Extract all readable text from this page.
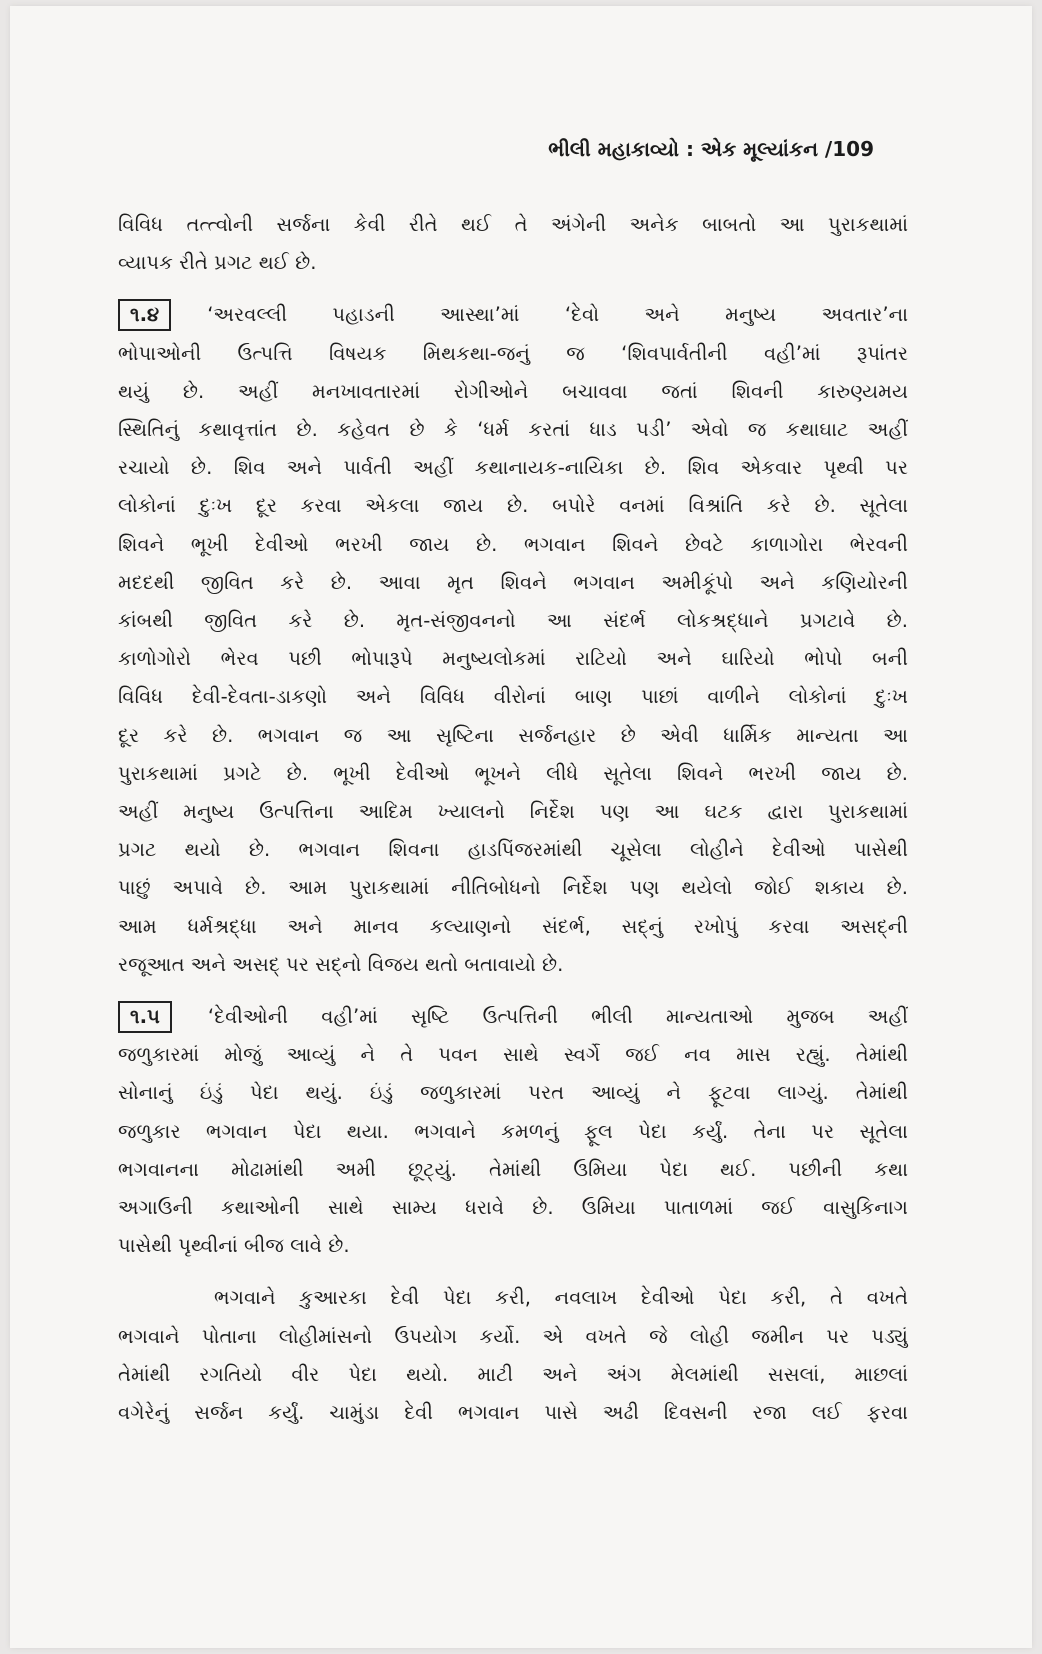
ભીલી મહાકાવ્યો : એક મૂલ્યાંકન /109

વિવિધ તત્ત્વોની સર્જના કેવી રીતે થઈ તે અંગેની અનેક બાબતો આ પુરાકથામાં
વ્યાપક રીતે પ્રગટ થઈ છે.

૧.૪ ‘અરવલ્લી પહાડની આસ્થા’માં ‘દેવો અને મનુષ્ય અવતાર’ના
ભોપાઓની ઉત્પત્તિ વિષયક મિથકથા-જનું જ ‘શિવપાર્વતીની વહી’માં રૂપાંતર
થયું છે. અહીં મનખાવતારમાં રોગીઓને બચાવવા જતાં શિવની કારુણ્યમય
સ્થિતિનું કથાવૃત્તાંત છે. કહેવત છે કે ‘ધર્મ કરતાં ધાડ પડી’ એવો જ કથાઘાટ અહીં
રચાયો છે. શિવ અને પાર્વતી અહીં કથાનાયક-નાયિકા છે. શિવ એકવાર પૃથ્વી પર
લોકોનાં દુઃખ દૂર કરવા એકલા જાય છે. બપોરે વનમાં વિશ્રાંતિ કરે છે. સૂતેલા
શિવને ભૂખી દેવીઓ ભરખી જાય છે. ભગવાન શિવને છેવટે કાળાગોરા ભેરવની
મદદથી જીવિત કરે છે. આવા મૃત શિવને ભગવાન અમીકૂંપો અને કણિયોરની
કાંબથી જીવિત કરે છે. મૃત-સંજીવનનો આ સંદર્ભ લોકશ્રદ્ધાને પ્રગટાવે છે.
કાળોગોરો ભેરવ પછી ભોપારૂપે મનુષ્યલોકમાં રાટિયો અને ઘારિયો ભોપો બની
વિવિધ દેવી-દેવતા-ડાકણો અને વિવિધ વીરોનાં બાણ પાછાં વાળીને લોકોનાં દુઃખ
દૂર કરે છે. ભગવાન જ આ સૃષ્ટિના સર્જનહાર છે એવી ધાર્મિક માન્યતા આ
પુરાકથામાં પ્રગટે છે. ભૂખી દેવીઓ ભૂખને લીધે સૂતેલા શિવને ભરખી જાય છે.
અહીં મનુષ્ય ઉત્પત્તિના આદિમ ખ્યાલનો નિર્દેશ પણ આ ઘટક દ્વારા પુરાકથામાં
પ્રગટ થયો છે. ભગવાન શિવના હાડપિંજરમાંથી ચૂસેલા લોહીને દેવીઓ પાસેથી
પાછું અપાવે છે. આમ પુરાકથામાં નીતિબોધનો નિર્દેશ પણ થયેલો જોઈ શકાય છે.
આમ ધર્મશ્રદ્ધા અને માનવ કલ્યાણનો સંદર્ભ, સદ્‌નું રખોપું કરવા અસદ્‌ની
રજૂઆત અને અસદ્ પર સદ્‌નો વિજય થતો બતાવાયો છે.

૧.૫ ‘દેવીઓની વહી’માં સૃષ્ટિ ઉત્પત્તિની ભીલી માન્યતાઓ મુજબ અહીં
જળુકારમાં મોજું આવ્યું ને તે પવન સાથે સ્વર્ગે જઈ નવ માસ રહ્યું. તેમાંથી
સોનાનું ઇંડું પેદા થયું. ઇંડું જળુકારમાં પરત આવ્યું ને ફૂટવા લાગ્યું. તેમાંથી
જળુકાર ભગવાન પેદા થયા. ભગવાને કમળનું ફૂલ પેદા કર્યું. તેના પર સૂતેલા
ભગવાનના મોઢામાંથી અમી છૂટ્યું. તેમાંથી ઉમિયા પેદા થઈ. પછીની કથા
અગાઉની કથાઓની સાથે સામ્ય ધરાવે છે. ઉમિયા પાતાળમાં જઈ વાસુકિનાગ
પાસેથી પૃથ્વીનાં બીજ લાવે છે.

ભગવાને કુઆરકા દેવી પેદા કરી, નવલાખ દેવીઓ પેદા કરી, તે વખતે
ભગવાને પોતાના લોહીમાંસનો ઉપયોગ કર્યો. એ વખતે જે લોહી જમીન પર પડ્યું
તેમાંથી રગતિયો વીર પેદા થયો. માટી અને અંગ મેલમાંથી સસલાં, માછલાં
વગેરેનું સર્જન કર્યું. ચામુંડા દેવી ભગવાન પાસે અઢી દિવસની રજા લઈ ફરવા
